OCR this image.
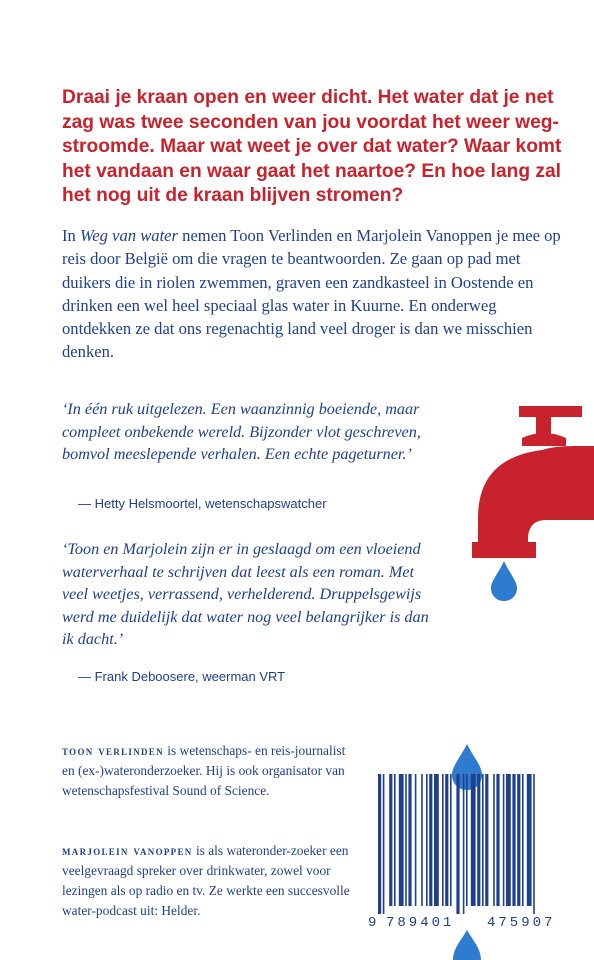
Draai je kraan open en weer dicht. Het water dat je net zag was twee seconden van jou voordat het weer weg-stroomde. Maar wat weet je over dat water? Waar komt het vandaan en waar gaat het naartoe? En hoe lang zal het nog uit de kraan blijven stromen?

In Weg van water nemen Toon Verlinden en Marjolein Vanoppen je mee op reis door België om die vragen te beantwoorden. Ze gaan op pad met duikers die in riolen zwemmen, graven een zandkasteel in Oostende en drinken een wel heel speciaal glas water in Kuurne. En onderweg ontdekken ze dat ons regenachtig land veel droger is dan we misschien denken.

‘In één ruk uitgelezen. Een waanzinnig boeiende, maar compleet onbekende wereld. Bijzonder vlot geschreven, bomvol meeslepende verhalen. Een echte pageturner.’

— Hetty Helsmoortel, wetenschapswatcher

‘Toon en Marjolein zijn er in geslaagd om een vloeiend waterverhaal te schrijven dat leest als een roman. Met veel weetjes, verrassend, verhelderend. Druppelsgewijs werd me duidelijk dat water nog veel belangrijker is dan ik dacht.’

— Frank Deboosere, weerman VRT

toon verlinden is wetenschaps- en reis-journalist en (ex-)wateronderzoeker. Hij is ook organisator van wetenschapsfestival Sound of Science.

marjolein vanoppen is als wateronder-zoeker een veelgevraagd spreker over drinkwater, zowel voor lezingen als op radio en tv. Ze werkte een succesvolle water-podcast uit: Helder.

9 789401 475907
